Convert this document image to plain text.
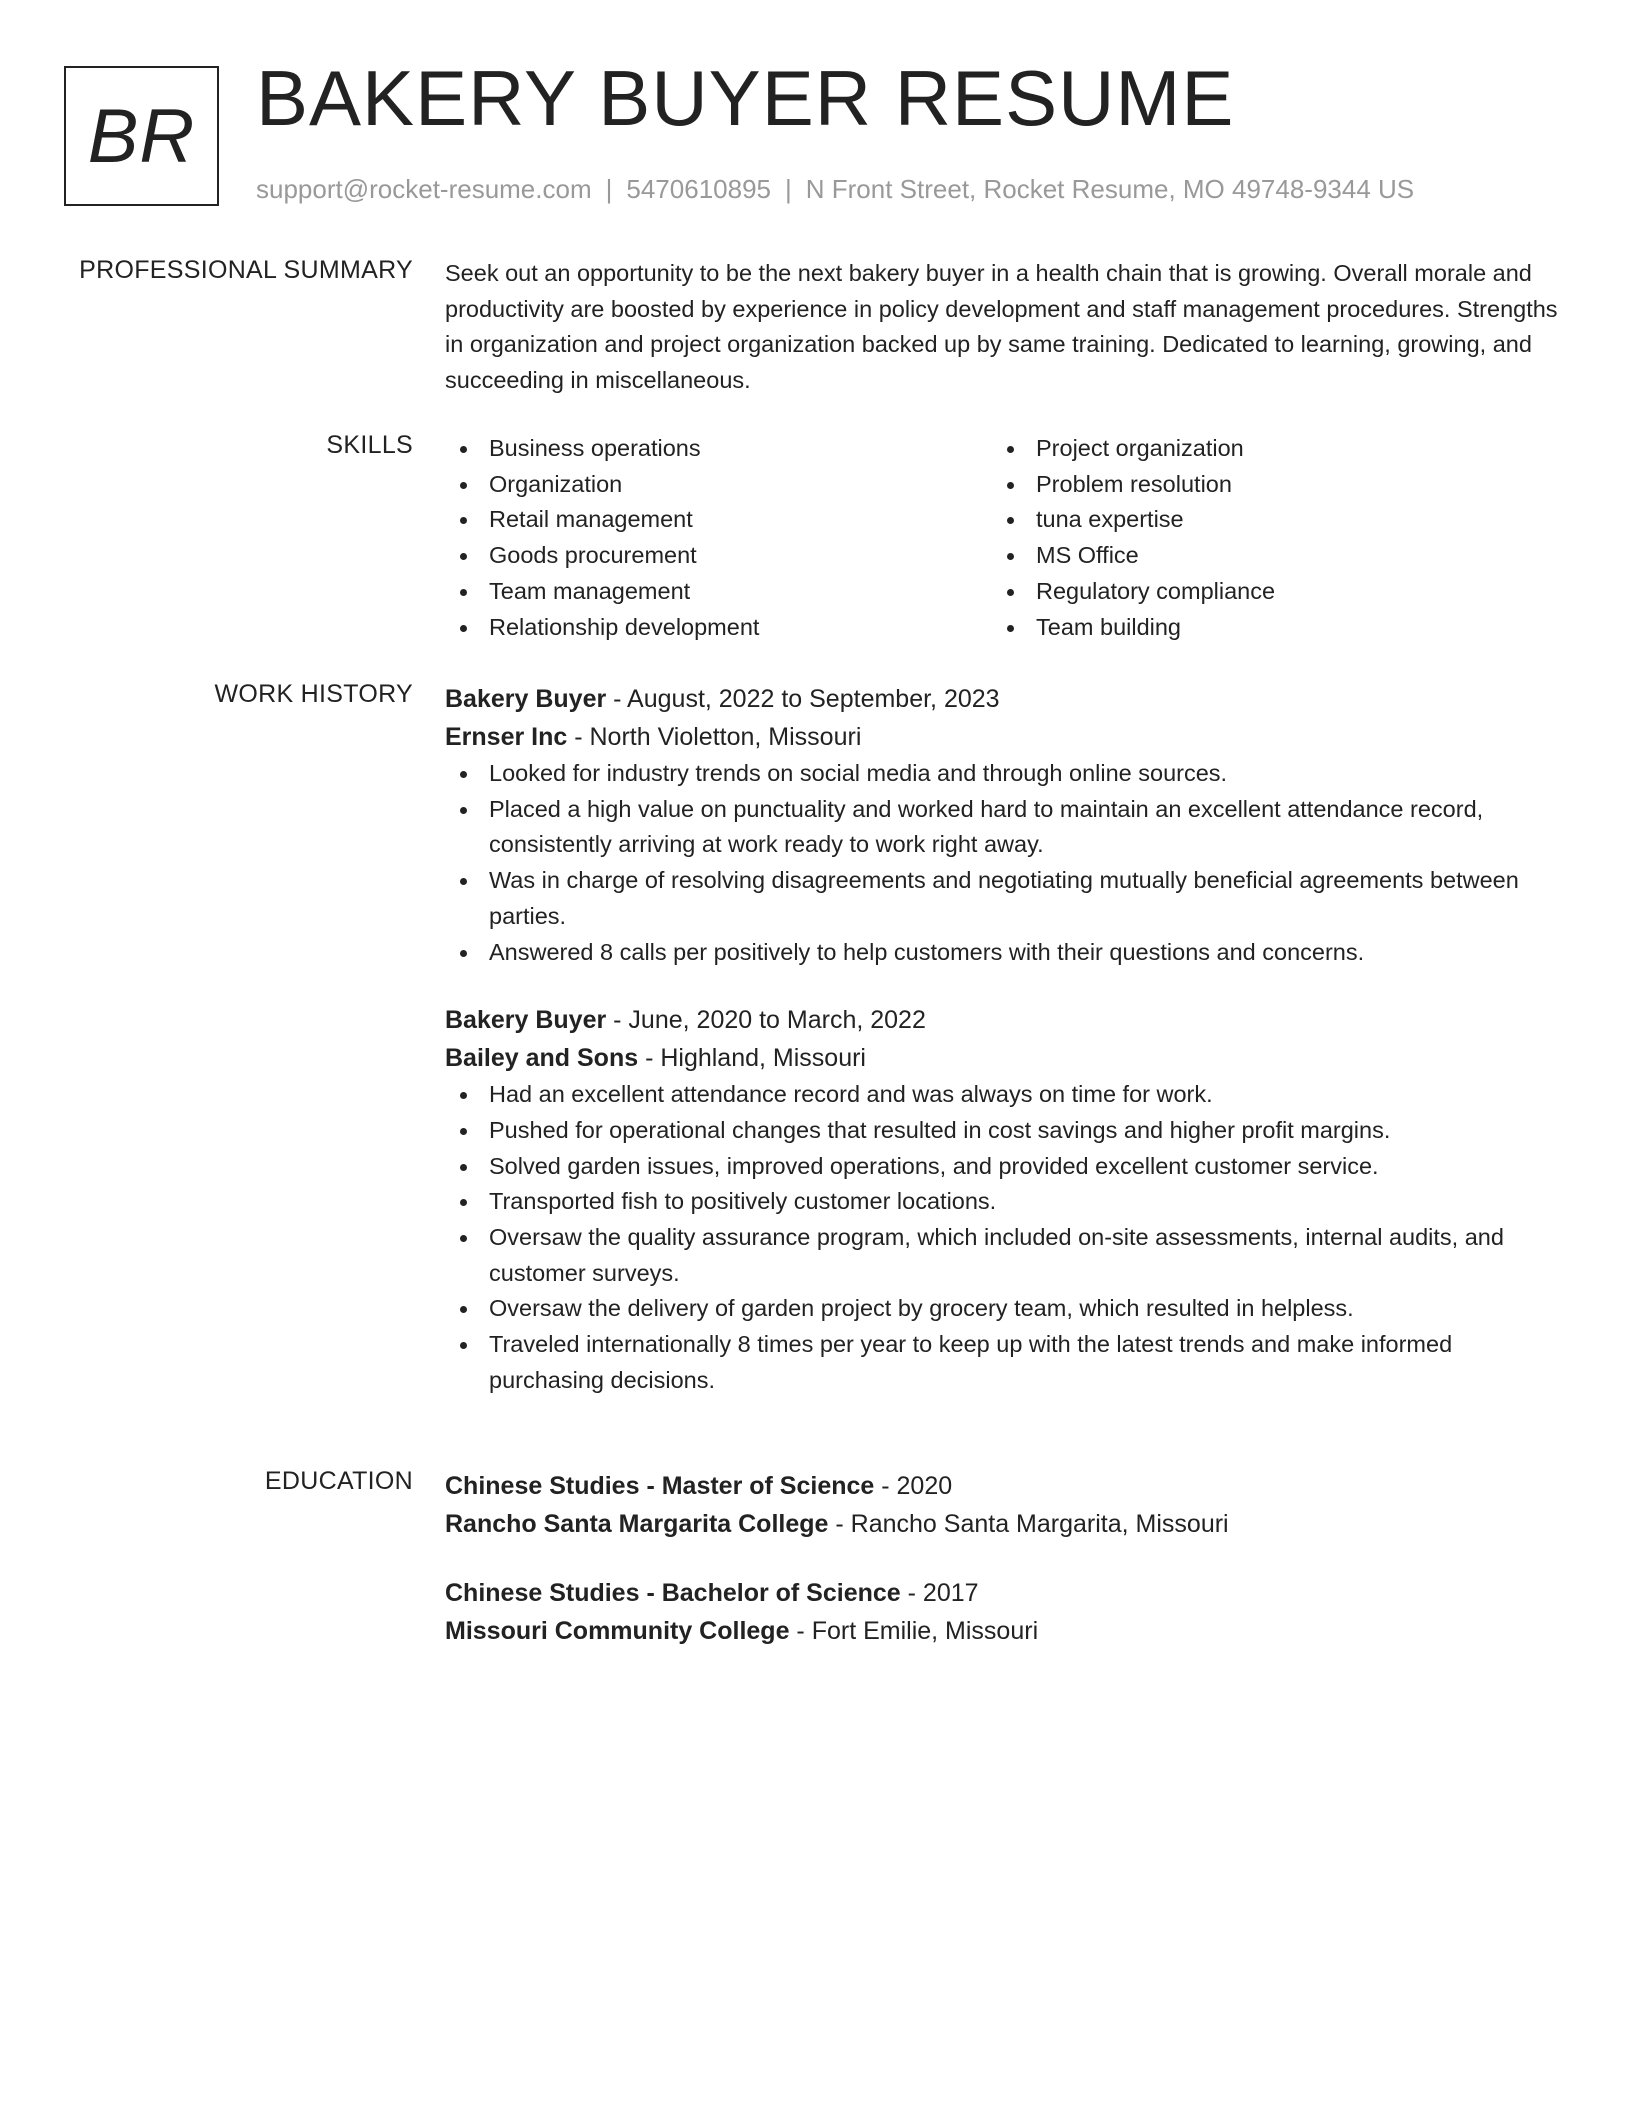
BR BAKERY BUYER RESUME
support@rocket-resume.com | 5470610895 | N Front Street, Rocket Resume, MO 49748-9344 US
PROFESSIONAL SUMMARY Seek out an opportunity to be the next bakery buyer in a health chain that is growing. Overall morale and productivity are boosted by experience in policy development and staff management procedures. Strengths in organization and project organization backed up by same training. Dedicated to learning, growing, and succeeding in miscellaneous.

SKILLS	Business operations
Organization
Retail management
Goods procurement
Team management
Relationship development
Project organization
Problem resolution
tuna expertise
MS Office
Regulatory compliance
Team building
WORK HISTORY Bakery Buyer - August, 2022 to September, 2023
Ernser Inc - North Violetton, Missouri
Looked for industry trends on social media and through online sources.
Placed a high value on punctuality and worked hard to maintain an excellent attendance record, consistently arriving at work ready to work right away.
Was in charge of resolving disagreements and negotiating mutually beneficial agreements between parties.
Answered 8 calls per positively to help customers with their questions and concerns.
Bakery Buyer - June, 2020 to March, 2022
Bailey and Sons - Highland, Missouri
Had an excellent attendance record and was always on time for work.
Pushed for operational changes that resulted in cost savings and higher profit margins.
Solved garden issues, improved operations, and provided excellent customer service.
Transported fish to positively customer locations.
Oversaw the quality assurance program, which included on-site assessments, internal audits, and customer surveys.
Oversaw the delivery of garden project by grocery team, which resulted in helpless.
Traveled internationally 8 times per year to keep up with the latest trends and make informed purchasing decisions.
EDUCATION Chinese Studies - Master of Science - 2020
Rancho Santa Margarita College - Rancho Santa Margarita, Missouri
Chinese Studies - Bachelor of Science - 2017
Missouri Community College - Fort Emilie, Missouri
